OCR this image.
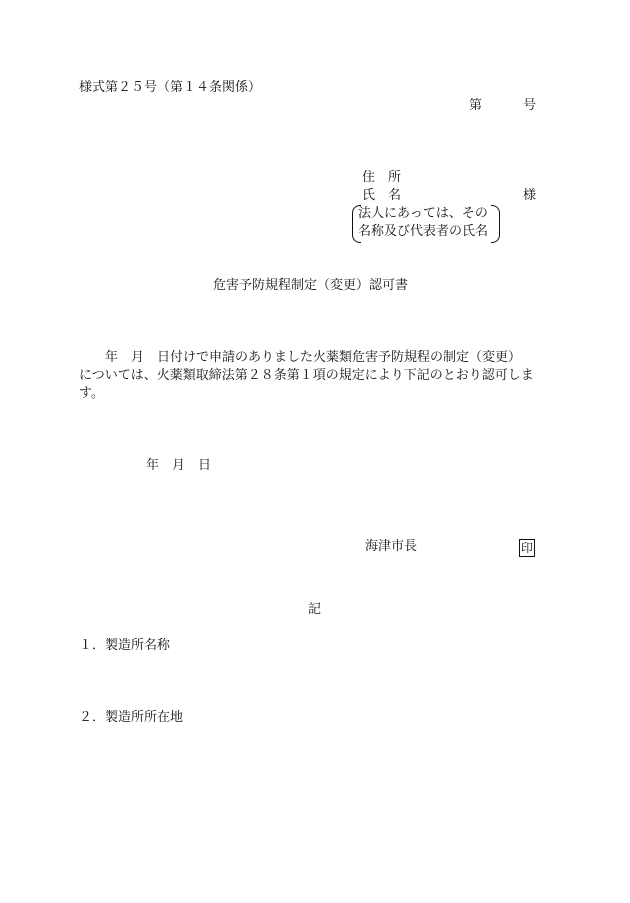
様式第２５号（第１４条関係）
第	号
住　所
氏　名	様
法人にあっては、その
名称及び代表者の氏名
危害予防規程制定（変更）認可書
　　年　月　日付けで申請のありました火薬類危害予防規程の制定（変更）
については、火薬類取締法第２８条第１項の規定により下記のとおり認可しま
す。
年　月　日
海津市長	印
記
１．製造所名称
２．製造所所在地
